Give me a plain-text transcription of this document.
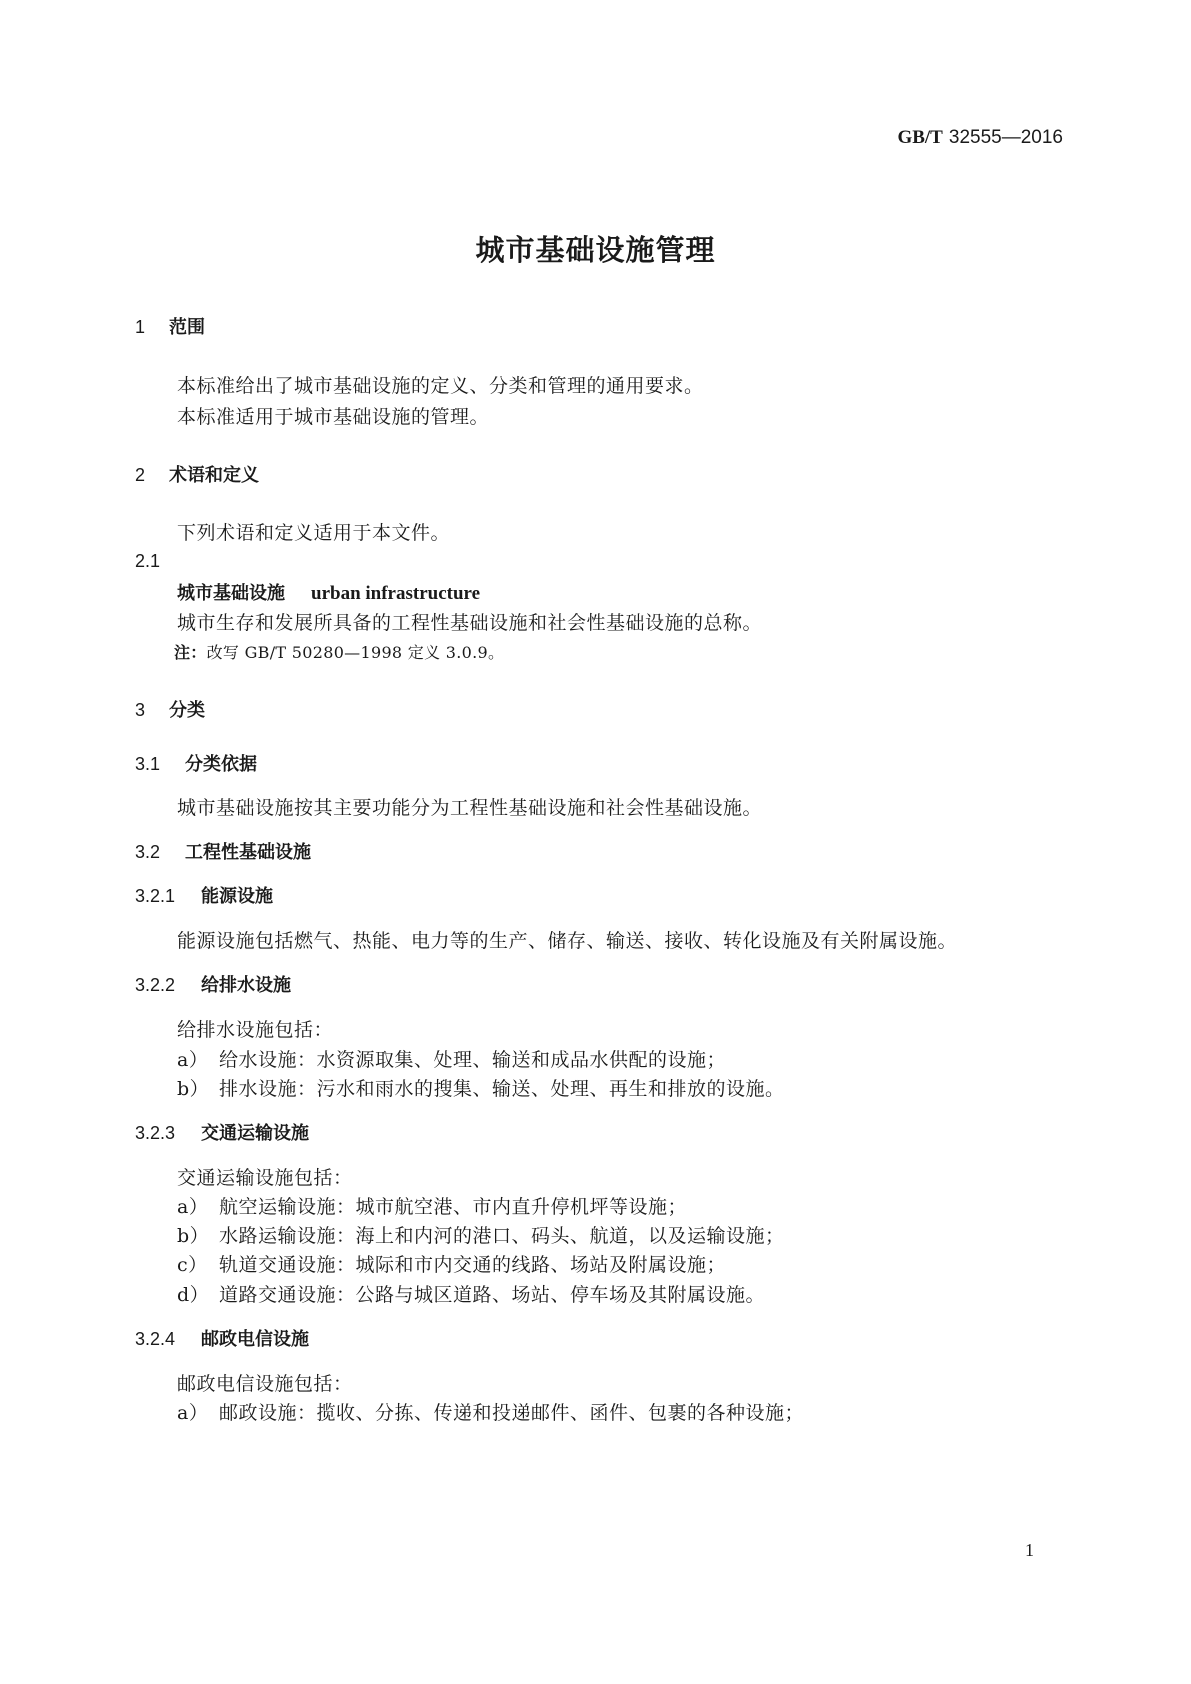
GB/T 32555—2016
城市基础设施管理
1 范围
本标准给出了城市基础设施的定义、分类和管理的通用要求。
本标准适用于城市基础设施的管理。
2 术语和定义
下列术语和定义适用于本文件。
2.1
城市基础设施 urban infrastructure
城市生存和发展所具备的工程性基础设施和社会性基础设施的总称。
注：改写 GB/T 50280—1998 定义 3.0.9。
3 分类
3.1 分类依据
城市基础设施按其主要功能分为工程性基础设施和社会性基础设施。
3.2 工程性基础设施
3.2.1 能源设施
能源设施包括燃气、热能、电力等的生产、储存、输送、接收、转化设施及有关附属设施。
3.2.2 给排水设施
给排水设施包括：
a） 给水设施：水资源取集、处理、输送和成品水供配的设施；
b） 排水设施：污水和雨水的搜集、输送、处理、再生和排放的设施。
3.2.3 交通运输设施
交通运输设施包括：
a） 航空运输设施：城市航空港、市内直升停机坪等设施；
b） 水路运输设施：海上和内河的港口、码头、航道，以及运输设施；
c） 轨道交通设施：城际和市内交通的线路、场站及附属设施；
d） 道路交通设施：公路与城区道路、场站、停车场及其附属设施。
3.2.4 邮政电信设施
邮政电信设施包括：
a） 邮政设施：揽收、分拣、传递和投递邮件、函件、包裹的各种设施；
1
